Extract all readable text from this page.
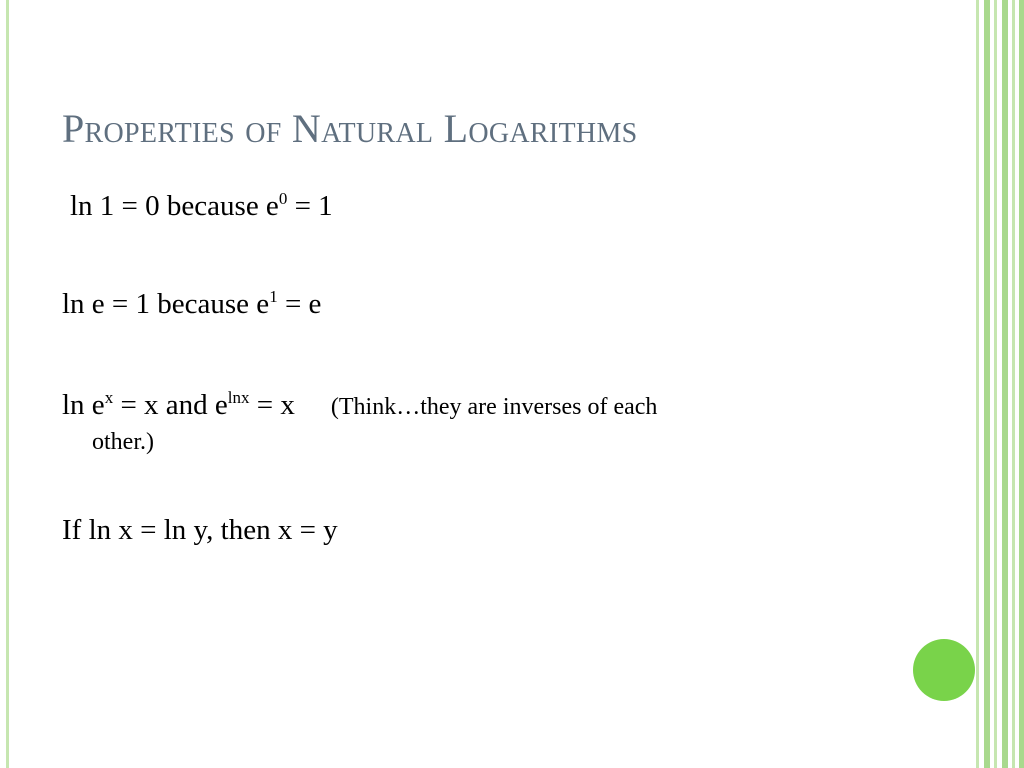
Properties of Natural Logarithms
ln 1 = 0 because $e^0 = 1$
ln e = 1 because $e^1 = e$
$\ln e^x = x$ and $e^{lnx} = x$ (Think…they are inverses of each
other.)
If ln x = ln y, then x = y
